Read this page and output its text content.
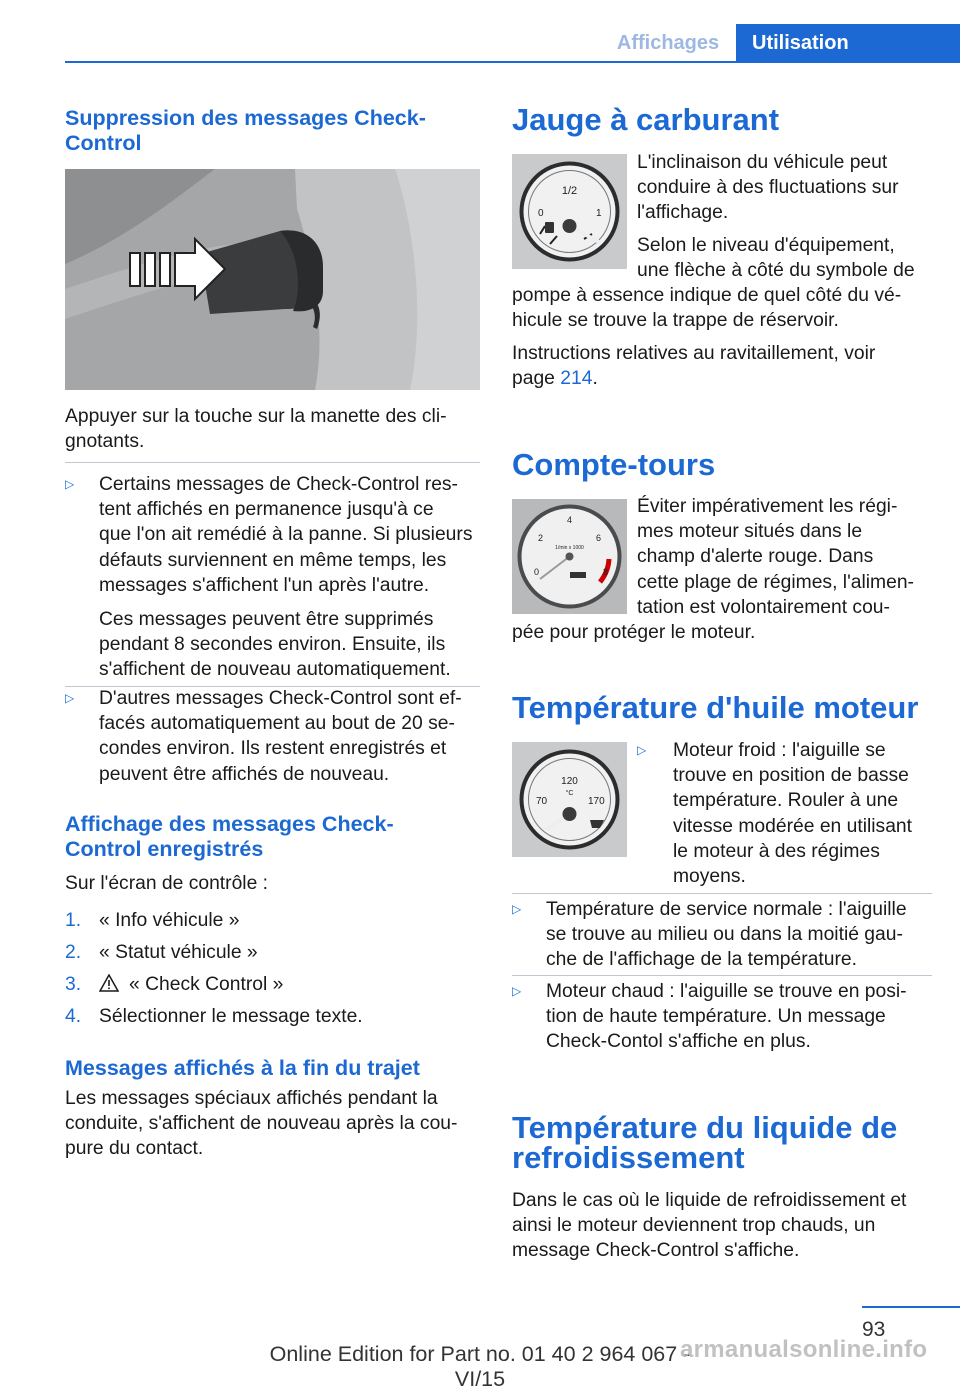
Affichages	Utilisation
Suppression des messages Check-
Control
Appuyer sur la touche sur la manette des cli-
gnotants.
▷ Certains messages de Check-Control res-
tent affichés en permanence jusqu'à ce
que l'on ait remédié à la panne. Si plusieurs
défauts surviennent en même temps, les
messages s'affichent l'un après l'autre.
Ces messages peuvent être supprimés
pendant 8 secondes environ. Ensuite, ils
s'affichent de nouveau automatiquement.
▷ D'autres messages Check-Control sont ef-
facés automatiquement au bout de 20 se-
condes environ. Ils restent enregistrés et
peuvent être affichés de nouveau.
Affichage des messages Check-
Control enregistrés
Sur l'écran de contrôle :
1. « Info véhicule »
2. « Statut véhicule »
3. « Check Control »
4. Sélectionner le message texte.
Messages affichés à la fin du trajet
Les messages spéciaux affichés pendant la
conduite, s'affichent de nouveau après la cou-
pure du contact.
Jauge à carburant
1/2
0	1
L'inclinaison du véhicule peut
conduire à des fluctuations sur
l'affichage.
Selon le niveau d'équipement,
une flèche à côté du symbole de
pompe à essence indique de quel côté du vé-
hicule se trouve la trappe de réservoir.
Instructions relatives au ravitaillement, voir
page 214.
Compte-tours
2
4
6
8
0
1/min x 1000
Éviter impérativement les régi-
mes moteur situés dans le
champ d'alerte rouge. Dans
cette plage de régimes, l'alimen-
tation est volontairement cou-
pée pour protéger le moteur.
Température d'huile moteur
120
°C
70	170
▷ Moteur froid : l'aiguille se
trouve en position de basse
température. Rouler à une
vitesse modérée en utilisant
le moteur à des régimes
moyens.
▷ Température de service normale : l'aiguille
se trouve au milieu ou dans la moitié gau-
che de l'affichage de la température.
▷ Moteur chaud : l'aiguille se trouve en posi-
tion de haute température. Un message
Check-Contol s'affiche en plus.
Température du liquide de
refroidissement
Dans le cas où le liquide de refroidissement et
ainsi le moteur deviennent trop chauds, un
message Check-Control s'affiche.
93
Online Edition for Part no. 01 40 2 964 067 - VI/15
armanualsonline.info
